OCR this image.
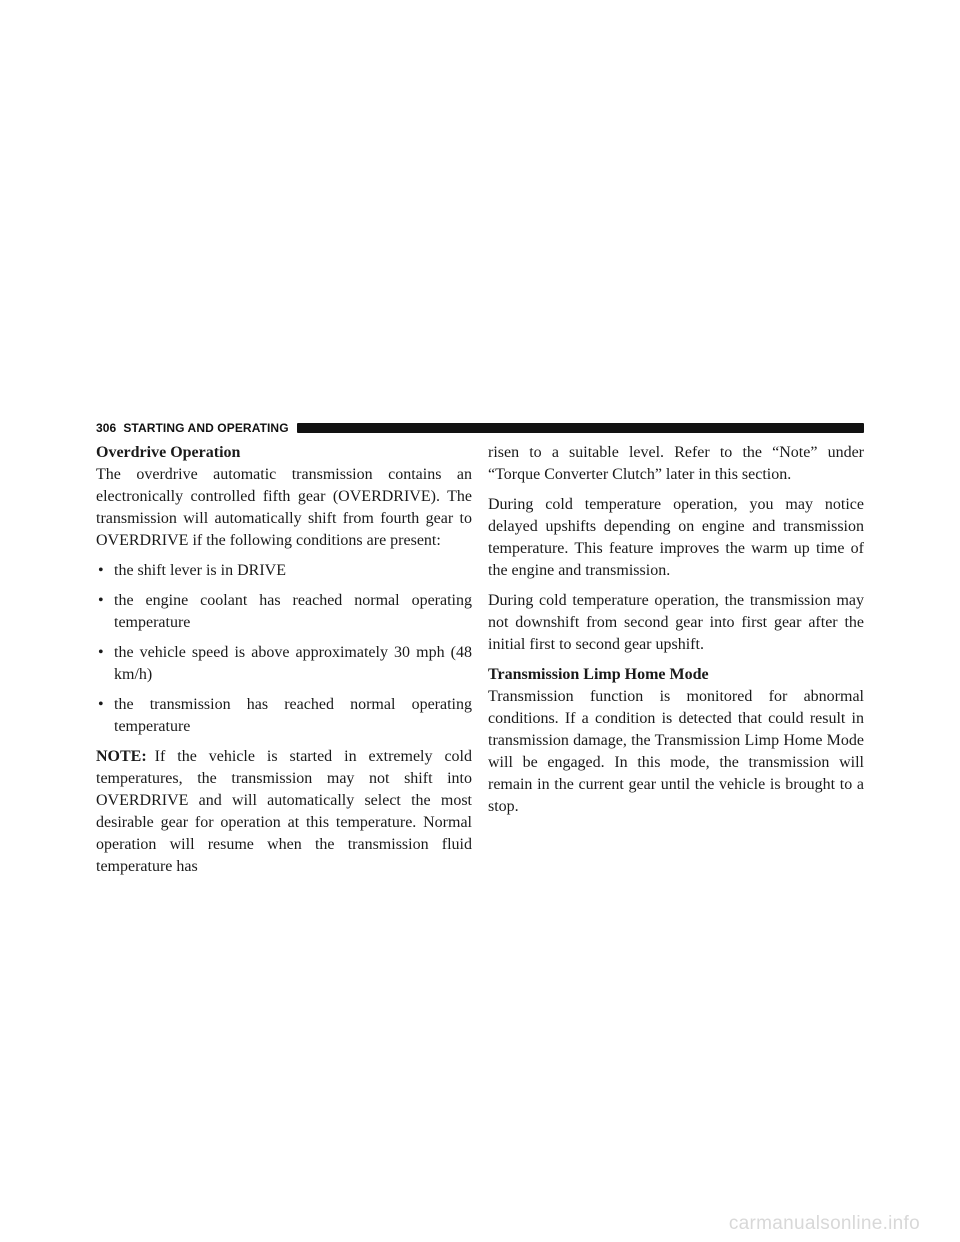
306 STARTING AND OPERATING
Overdrive Operation

The overdrive automatic transmission contains an electronically controlled fifth gear (OVERDRIVE). The transmission will automatically shift from fourth gear to OVERDRIVE if the following conditions are present:

• the shift lever is in DRIVE
• the engine coolant has reached normal operating temperature
• the vehicle speed is above approximately 30 mph (48 km/h)
• the transmission has reached normal operating temperature

NOTE: If the vehicle is started in extremely cold temperatures, the transmission may not shift into OVERDRIVE and will automatically select the most desirable gear for operation at this temperature. Normal operation will resume when the transmission fluid temperature has

risen to a suitable level. Refer to the “Note” under “Torque Converter Clutch” later in this section.

During cold temperature operation, you may notice delayed upshifts depending on engine and transmission temperature. This feature improves the warm up time of the engine and transmission.

During cold temperature operation, the transmission may not downshift from second gear into first gear after the initial first to second gear upshift.

Transmission Limp Home Mode

Transmission function is monitored for abnormal conditions. If a condition is detected that could result in transmission damage, the Transmission Limp Home Mode will be engaged. In this mode, the transmission will remain in the current gear until the vehicle is brought to a stop.

carmanualsonline.info
